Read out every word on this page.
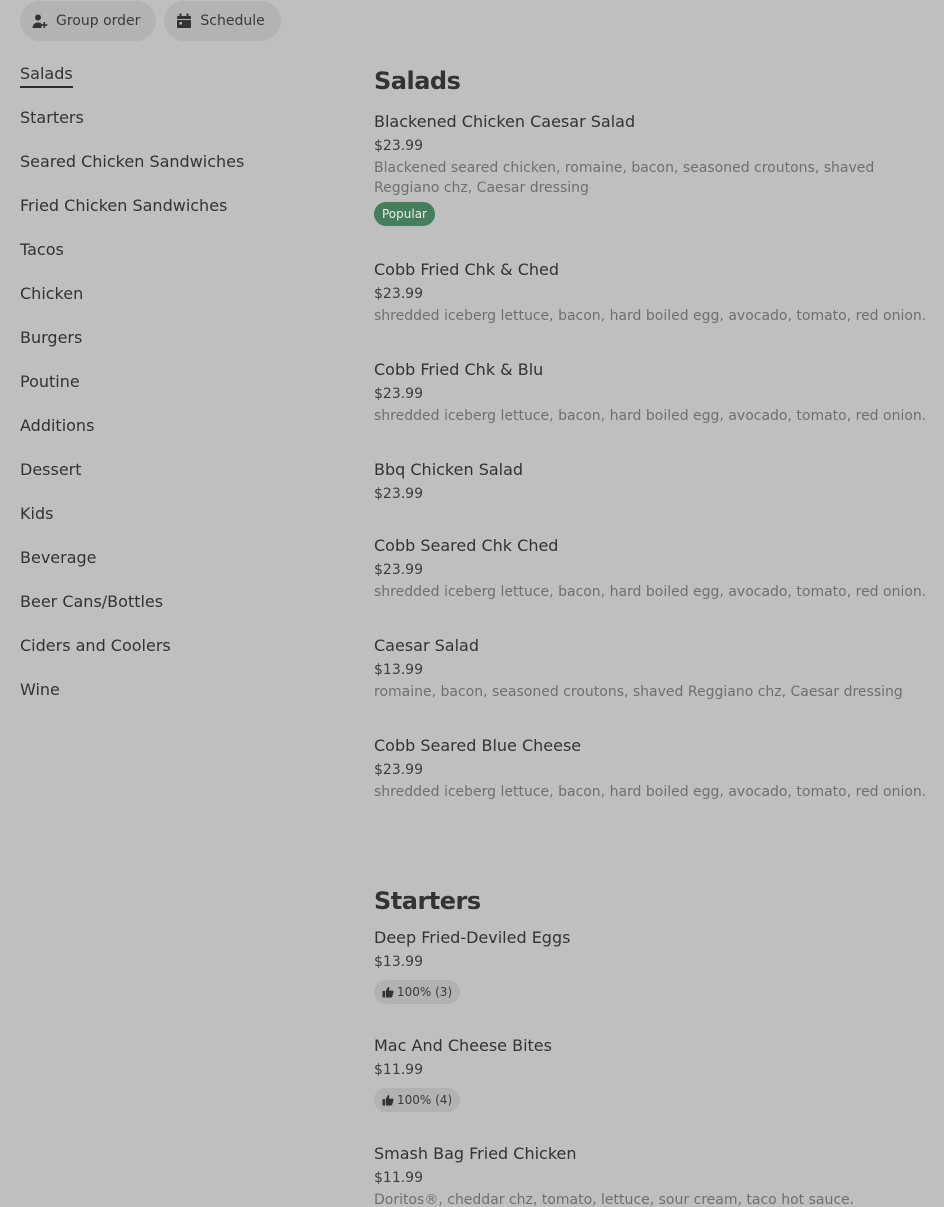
Group order	Schedule
Salads
Starters
Seared Chicken Sandwiches
Fried Chicken Sandwiches
Tacos
Chicken
Burgers
Poutine
Additions
Dessert
Kids
Beverage
Beer Cans/Bottles
Ciders and Coolers
Wine
Salads
Blackened Chicken Caesar Salad
$23.99
Blackened seared chicken, romaine, bacon, seasoned croutons, shaved Reggiano chz, Caesar dressing
Popular
Cobb Fried Chk & Ched
$23.99
shredded iceberg lettuce, bacon, hard boiled egg, avocado, tomato, red onion.
Cobb Fried Chk & Blu
$23.99
shredded iceberg lettuce, bacon, hard boiled egg, avocado, tomato, red onion.
Bbq Chicken Salad
$23.99
Cobb Seared Chk Ched
$23.99
shredded iceberg lettuce, bacon, hard boiled egg, avocado, tomato, red onion.
Caesar Salad
$13.99
romaine, bacon, seasoned croutons, shaved Reggiano chz, Caesar dressing
Cobb Seared Blue Cheese
$23.99
shredded iceberg lettuce, bacon, hard boiled egg, avocado, tomato, red onion.
Starters
Deep Fried-Deviled Eggs
$13.99
100% (3)
Mac And Cheese Bites
$11.99
100% (4)
Smash Bag Fried Chicken
$11.99
Doritos®, cheddar chz, tomato, lettuce, sour cream, taco hot sauce.
